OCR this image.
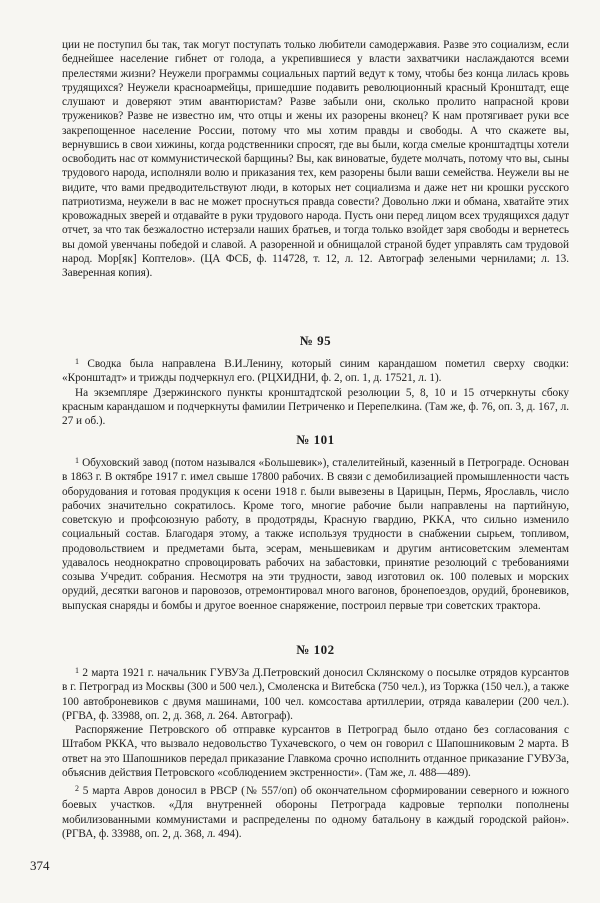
ции не поступил бы так, так могут поступать только любители самодержавия. Разве это социализм, если беднейшее население гибнет от голода, а укрепившиеся у власти захватчики наслаждаются всеми прелестями жизни? Неужели программы социальных партий ведут к тому, чтобы без конца лилась кровь трудящихся? Неужели красноармейцы, пришедшие подавить революционный красный Кронштадт, еще слушают и доверяют этим авантюристам? Разве забыли они, сколько пролито напрасной крови тружеников? Разве не известно им, что отцы и жены их разорены вконец? К нам протягивает руки все закрепощенное население России, потому что мы хотим правды и свободы. А что скажете вы, вернувшись в свои хижины, когда родственники спросят, где вы были, когда смелые кронштадтцы хотели освободить нас от коммунистической барщины? Вы, как виноватые, будете молчать, потому что вы, сыны трудового народа, исполняли волю и приказания тех, кем разорены были ваши семейства. Неужели вы не видите, что вами предводительствуют люди, в которых нет социализма и даже нет ни крошки русского патриотизма, неужели в вас не может проснуться правда совести? Довольно лжи и обмана, хватайте этих кровожадных зверей и отдавайте в руки трудового народа. Пусть они перед лицом всех трудящихся дадут отчет, за что так безжалостно истерзали наших братьев, и тогда только взойдет заря свободы и вернетесь вы домой увенчаны победой и славой. А разоренной и обнищалой страной будет управлять сам трудовой народ. Мор[як] Коптелов». (ЦА ФСБ, ф. 114728, т. 12, л. 12. Автограф зелеными чернилами; л. 13. Заверенная копия).

№ 95

$^1$ Сводка была направлена В.И.Ленину, который синим карандашом пометил сверху сводки: «Кронштадт» и трижды подчеркнул его. (РЦХИДНИ, ф. 2, оп. 1, д. 17521, л. 1).

На экземпляре Дзержинского пункты кронштадтской резолюции 5, 8, 10 и 15 отчеркнуты сбоку красным карандашом и подчеркнуты фамилии Петриченко и Перепелкина. (Там же, ф. 76, оп. 3, д. 167, л. 27 и об.).

№ 101

$^1$ Обуховский завод (потом назывался «Большевик»), сталелитейный, казенный в Петрограде. Основан в 1863 г. В октябре 1917 г. имел свыше 17800 рабочих. В связи с демобилизацией промышленности часть оборудования и готовая продукция к осени 1918 г. были вывезены в Царицын, Пермь, Ярославль, число рабочих значительно сократилось. Кроме того, многие рабочие были направлены на партийную, советскую и профсоюзную работу, в продотряды, Красную гвардию, РККА, что сильно изменило социальный состав. Благодаря этому, а также используя трудности в снабжении сырьем, топливом, продовольствием и предметами быта, эсерам, меньшевикам и другим антисоветским элементам удавалось неоднократно спровоцировать рабочих на забастовки, принятие резолюций с требованиями созыва Учредит. собрания. Несмотря на эти трудности, завод изготовил ок. 100 полевых и морских орудий, десятки вагонов и паровозов, отремонтировал много вагонов, бронепоездов, орудий, броневиков, выпуская снаряды и бомбы и другое военное снаряжение, построил первые три советских трактора.

№ 102

$^1$ 2 марта 1921 г. начальник ГУВУЗа Д.Петровский доносил Склянскому о посылке отрядов курсантов в г. Петроград из Москвы (300 и 500 чел.), Смоленска и Витебска (750 чел.), из Торжка (150 чел.), а также 100 автоброневиков с двумя машинами, 100 чел. комсостава артиллерии, отряда кавалерии (200 чел.). (РГВА, ф. 33988, оп. 2, д. 368, л. 264. Автограф).

Распоряжение Петровского об отправке курсантов в Петроград было отдано без согласования с Штабом РККА, что вызвало недовольство Тухачевского, о чем он говорил с Шапошниковым 2 марта. В ответ на это Шапошников передал приказание Главкома срочно исполнить отданное приказание ГУВУЗа, объяснив действия Петровского «соблюдением экстренности». (Там же, л. 488—489).

$^2$ 5 марта Авров доносил в РВСР (№ 557/оп) об окончательном сформировании северного и южного боевых участков. «Для внутренней обороны Петрограда кадровые терполки пополнены мобилизованными коммунистами и распределены по одному батальону в каждый городской район». (РГВА, ф. 33988, оп. 2, д. 368, л. 494).

374
